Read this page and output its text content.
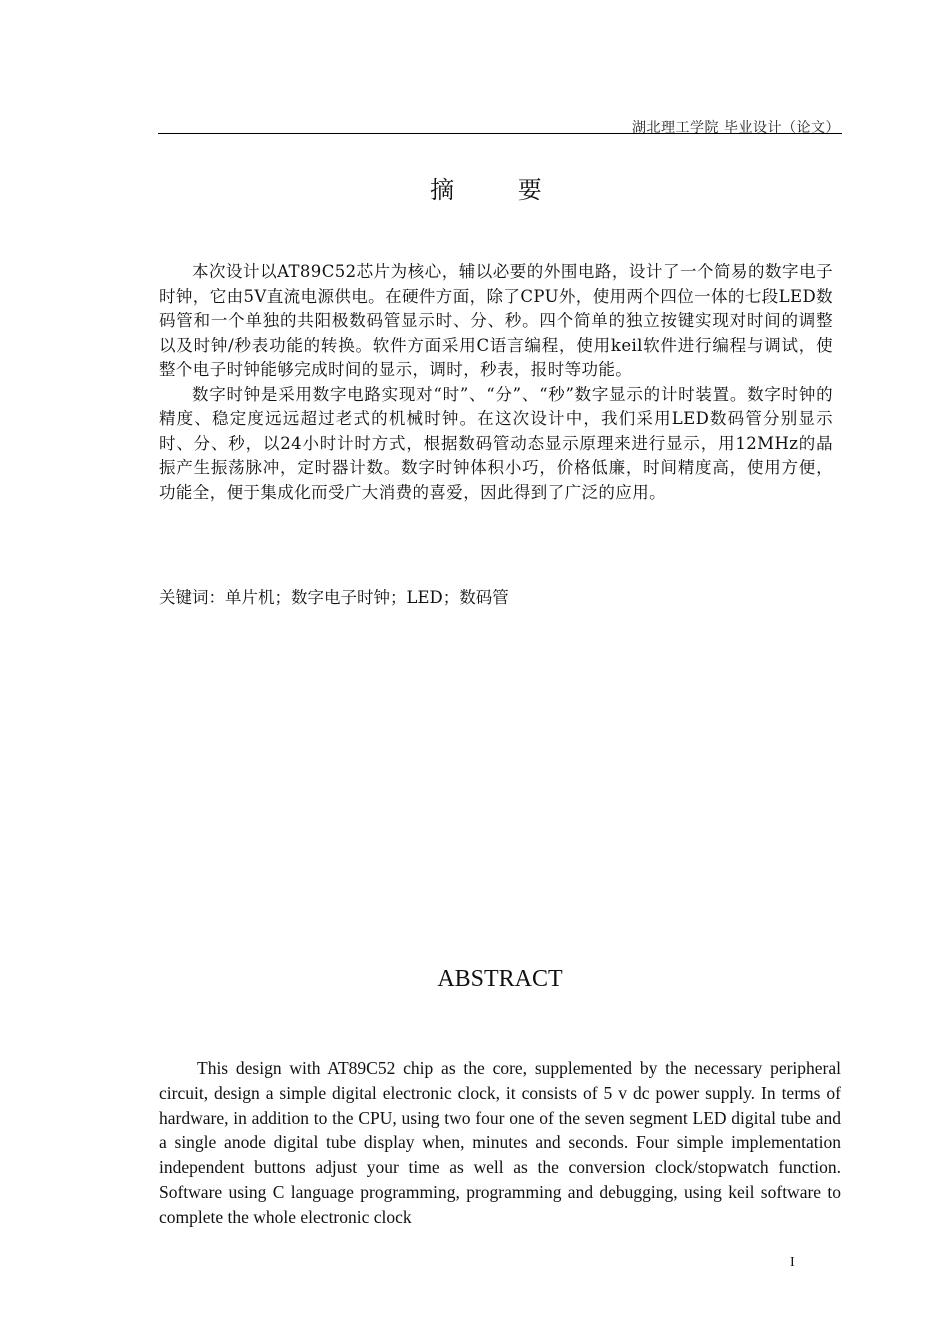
湖北理工学院 毕业设计（论文）
摘 要

本次设计以AT89C52芯片为核心，辅以必要的外围电路，设计了一个简易的数字电子时钟，它由5V直流电源供电。在硬件方面，除了CPU外，使用两个四位一体的七段LED数码管和一个单独的共阳极数码管显示时、分、秒。四个简单的独立按键实现对时间的调整以及时钟/秒表功能的转换。软件方面采用C语言编程，使用keil软件进行编程与调试，使整个电子时钟能够完成时间的显示，调时，秒表，报时等功能。

数字时钟是采用数字电路实现对“时”、“分”、“秒”数字显示的计时装置。数字时钟的精度、稳定度远远超过老式的机械时钟。在这次设计中，我们采用LED数码管分别显示时、分、秒，以24小时计时方式，根据数码管动态显示原理来进行显示，用12MHz的晶振产生振荡脉冲，定时器计数。数字时钟体积小巧，价格低廉，时间精度高，使用方便，功能全，便于集成化而受广大消费的喜爱，因此得到了广泛的应用。

关键词：单片机；数字电子时钟；LED；数码管
ABSTRACT

This design with AT89C52 chip as the core, supplemented by the necessary peripheral circuit, design a simple digital electronic clock, it consists of 5 v dc power supply. In terms of hardware, in addition to the CPU, using two four one of the seven segment LED digital tube and a single anode digital tube display when, minutes and seconds. Four simple implementation independent buttons adjust your time as well as the conversion clock/stopwatch function. Software using C language programming, programming and debugging, using keil software to complete the whole electronic clock

I
